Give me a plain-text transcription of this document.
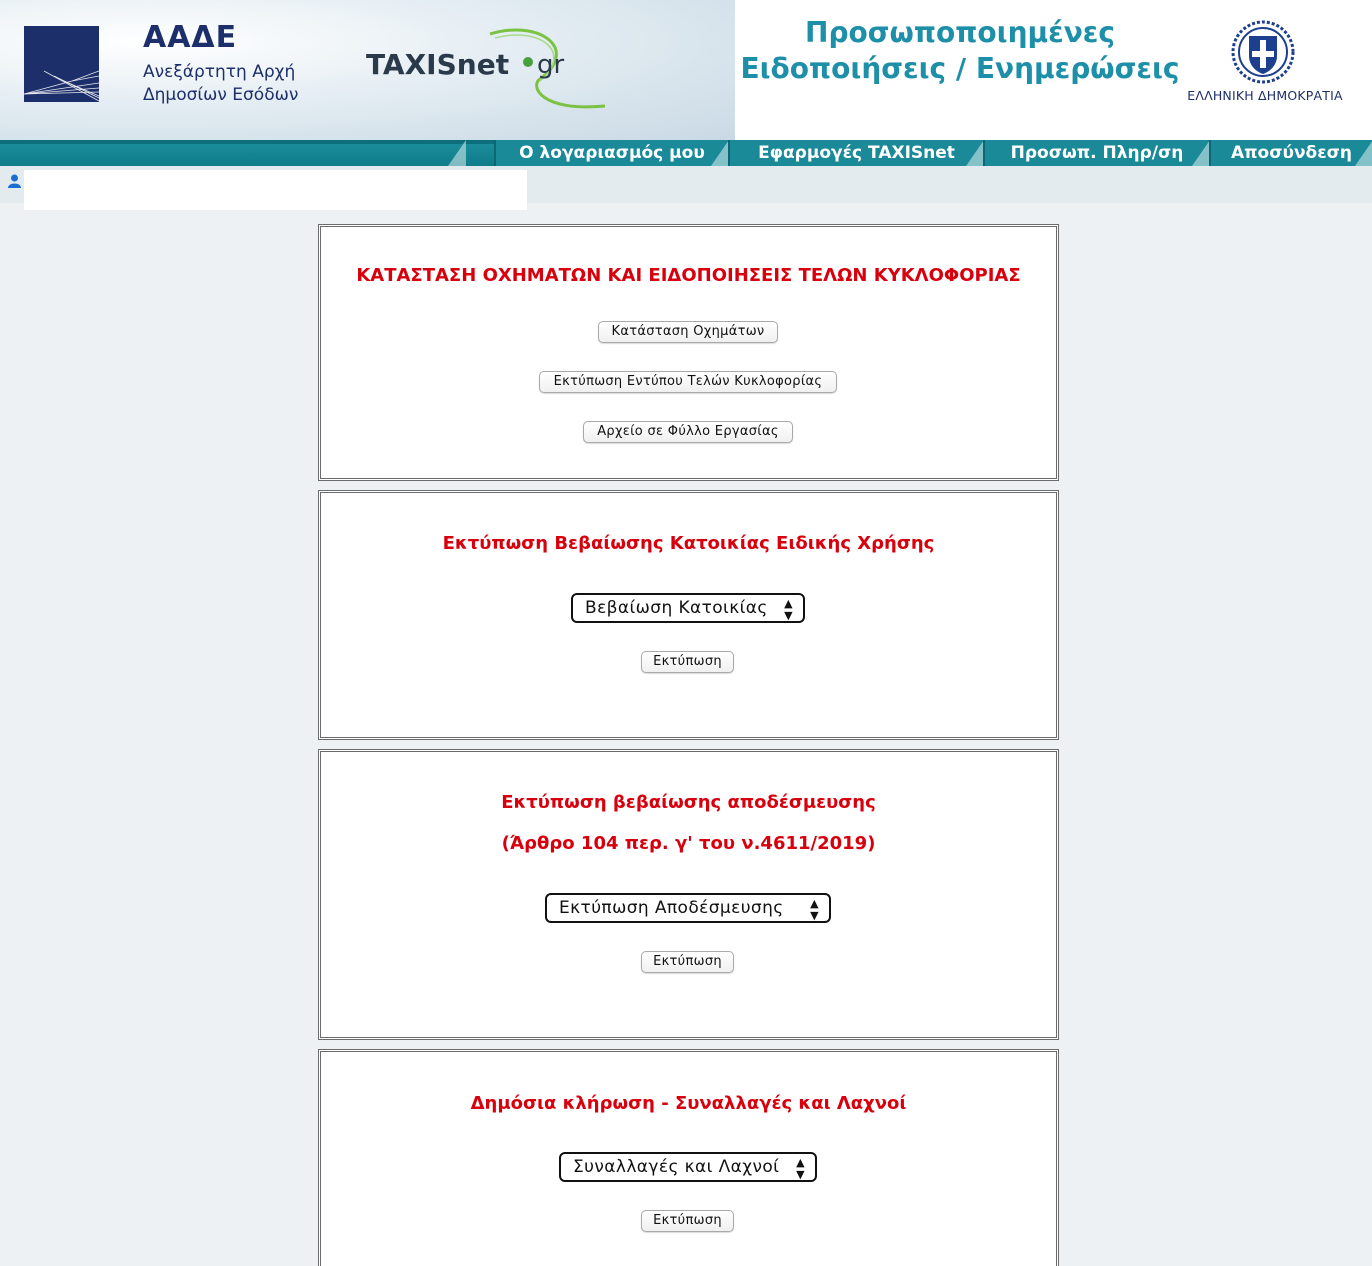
ΑΑΔΕ
Ανεξάρτητη Αρχή
Δημοσίων Εσόδων
TAXISnet gr
Προσωποποιημένες
Ειδοποιήσεις / Ενημερώσεις
ΕΛΛΗΝΙΚΗ ΔΗΜΟΚΡΑΤΙΑ
Ο λογαριασμός μου	Εφαρμογές TAXISnet	Προσωπ. Πληρ/ση	Αποσύνδεση
ΚΑΤΑΣΤΑΣΗ ΟΧΗΜΑΤΩΝ ΚΑΙ ΕΙΔΟΠΟΙΗΣΕΙΣ ΤΕΛΩΝ ΚΥΚΛΟΦΟΡΙΑΣ
Κατάσταση Οχημάτων
Εκτύπωση Εντύπου Τελών Κυκλοφορίας
Αρχείο σε Φύλλο Εργασίας
Εκτύπωση Βεβαίωσης Κατοικίας Ειδικής Χρήσης
Βεβαίωση Κατοικίας ▲
▼
Εκτύπωση
Εκτύπωση βεβαίωσης αποδέσμευσης
(Άρθρο 104 περ. γ' του ν.4611/2019)
Εκτύπωση Αποδέσμευσης ▲
▼
Εκτύπωση
Δημόσια κλήρωση - Συναλλαγές και Λαχνοί
Συναλλαγές και Λαχνοί ▲
▼
Εκτύπωση
